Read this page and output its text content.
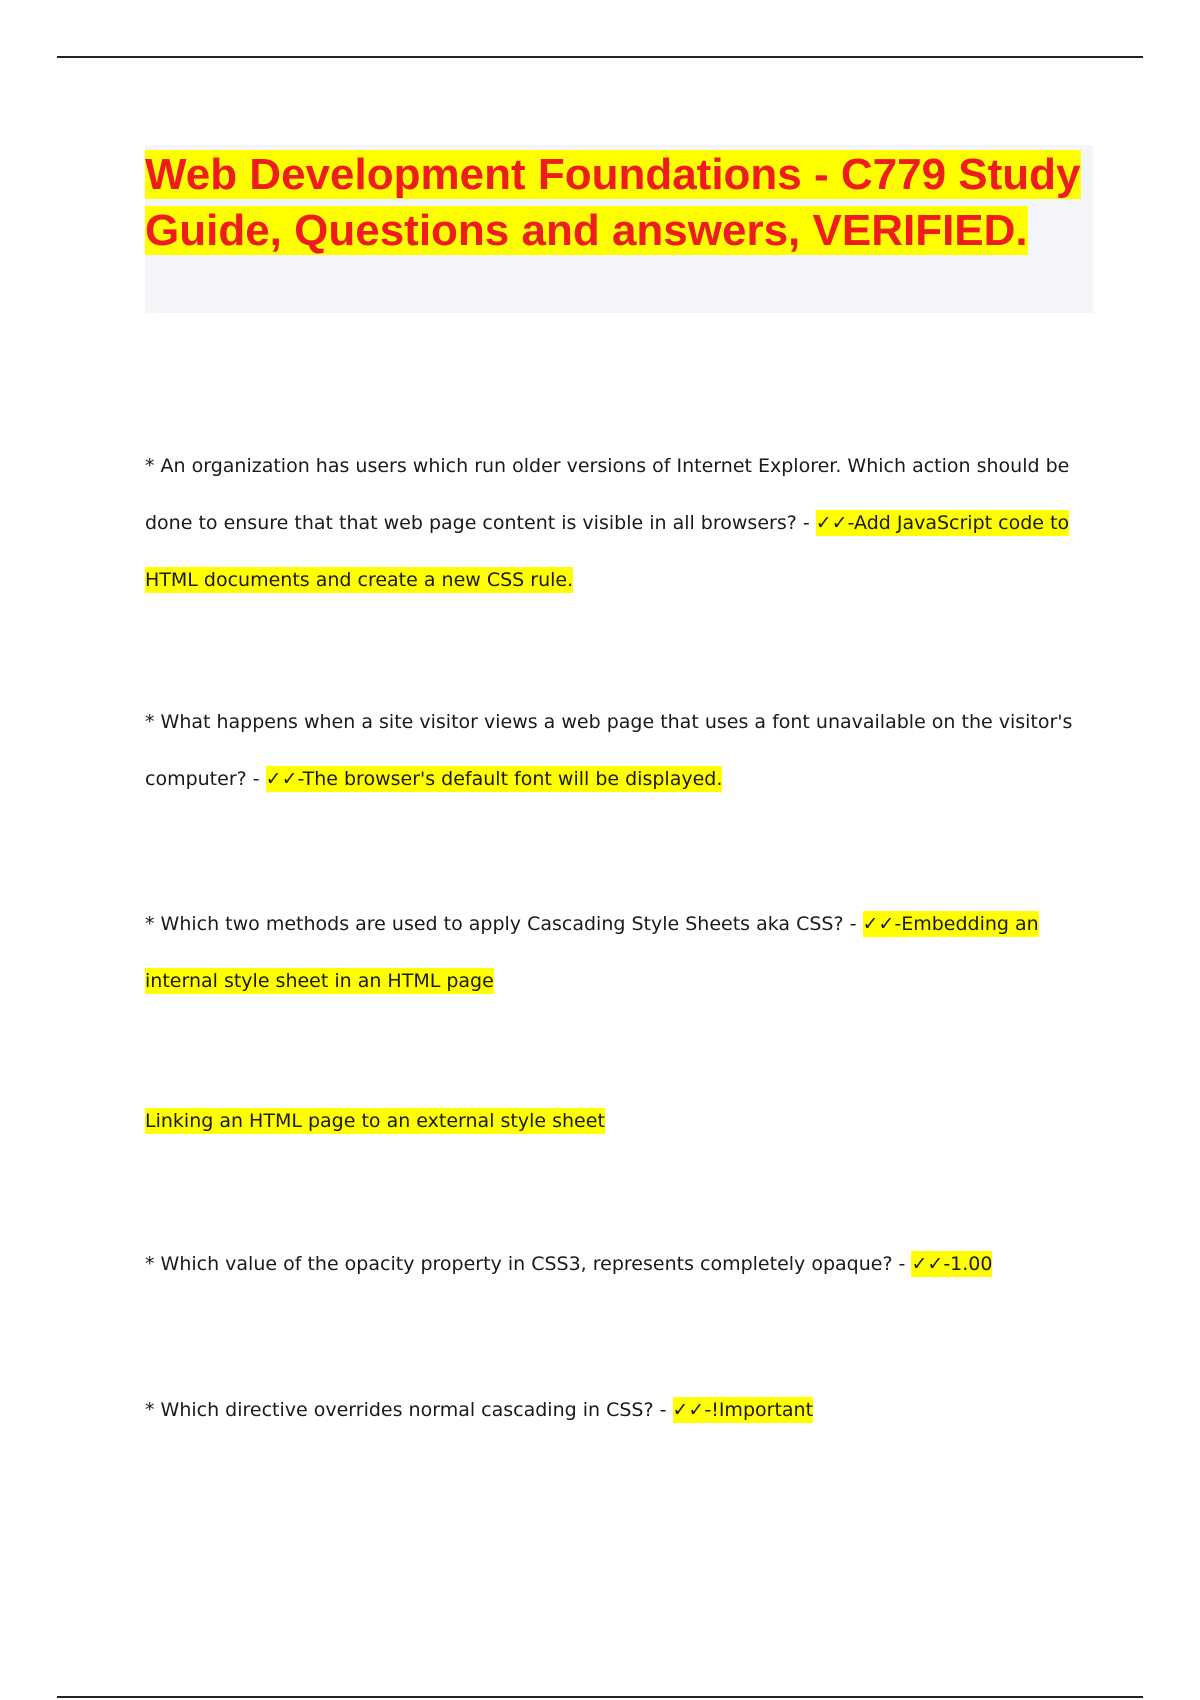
Web Development Foundations - C779 Study Guide, Questions and answers, VERIFIED.

* An organization has users which run older versions of Internet Explorer. Which action should be done to ensure that that web page content is visible in all browsers? - ✓✓-Add JavaScript code to HTML documents and create a new CSS rule.

* What happens when a site visitor views a web page that uses a font unavailable on the visitor's computer? - ✓✓-The browser's default font will be displayed.

* Which two methods are used to apply Cascading Style Sheets aka CSS? - ✓✓-Embedding an internal style sheet in an HTML page

Linking an HTML page to an external style sheet

* Which value of the opacity property in CSS3, represents completely opaque? - ✓✓-1.00

* Which directive overrides normal cascading in CSS? - ✓✓-!Important
